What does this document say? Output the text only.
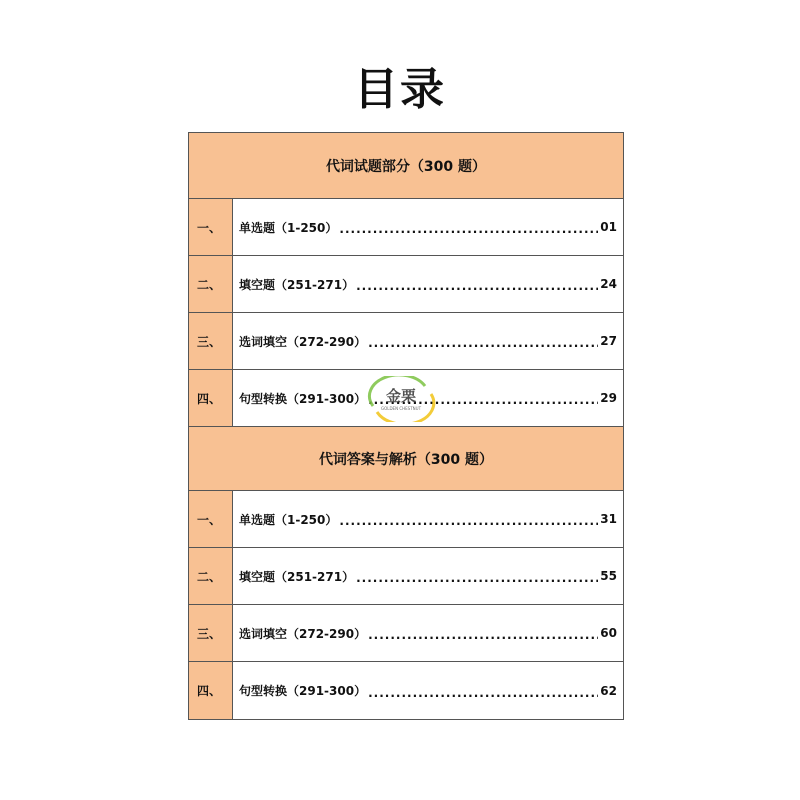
目录
代词试题部分（300 题）
一、	单选题（1-250） .....	01
二、	填空题（251-271） .....	24
三、	选词填空（272-290） .....	27
四、	句型转换（291-300） .....	29
代词答案与解析（300 题）
一、	单选题（1-250） .....	31
二、	填空题（251-271） .....	55
三、	选词填空（272-290） .....	60
四、	句型转换（291-300） .....	62
金栗
GOLDEN CHESTNUT
